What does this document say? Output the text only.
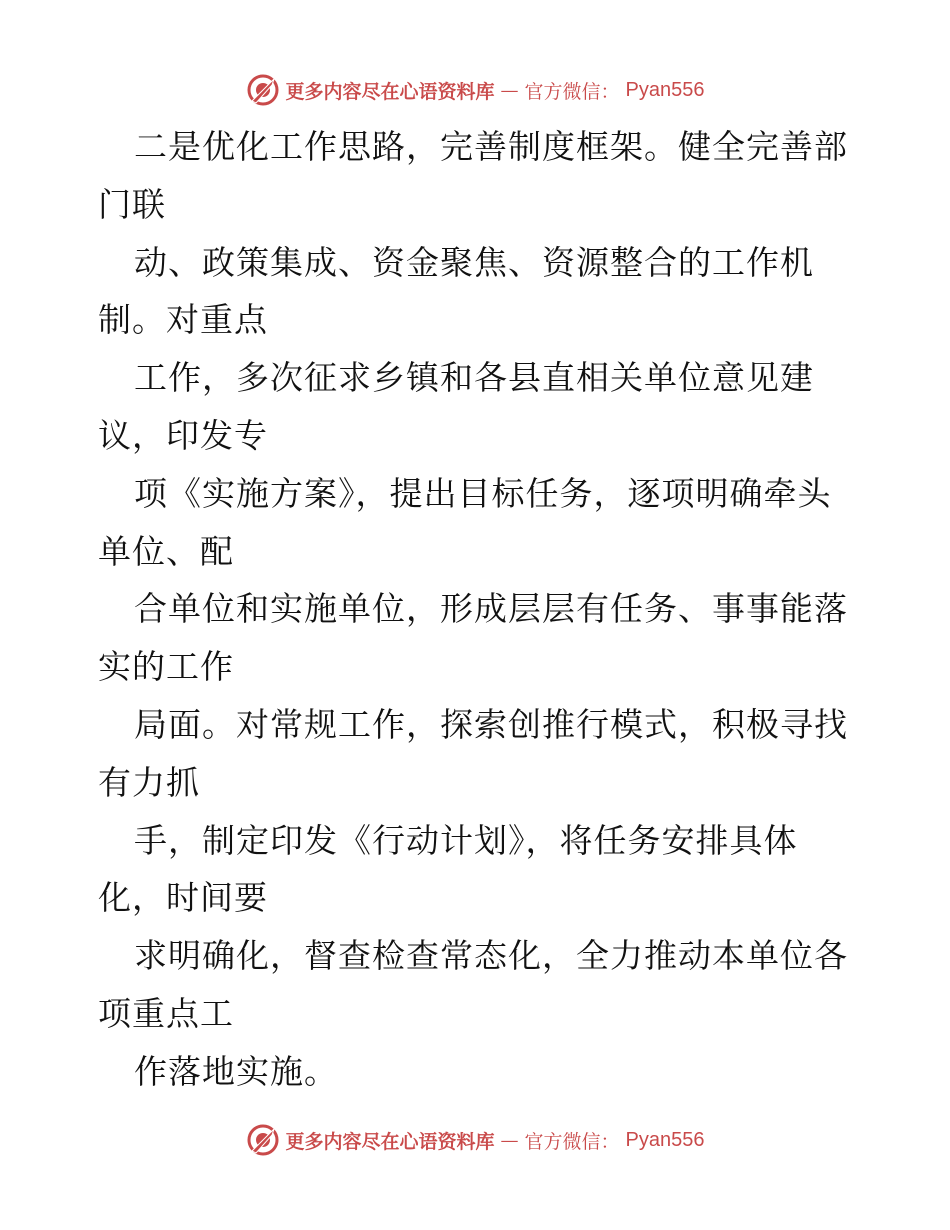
更多内容尽在心语资料库 — 官方微信： Pyan556
二是优化工作思路，完善制度框架。健全完善部
门联
动、政策集成、资金聚焦、资源整合的工作机
制。对重点
工作，多次征求乡镇和各县直相关单位意见建
议，印发专
项《实施方案》，提出目标任务，逐项明确牵头
单位、配
合单位和实施单位，形成层层有任务、事事能落
实的工作
局面。对常规工作，探索创推行模式，积极寻找
有力抓
手，制定印发《行动计划》，将任务安排具体
化，时间要
求明确化，督查检查常态化，全力推动本单位各
项重点工
作落地实施。
更多内容尽在心语资料库 — 官方微信： Pyan556
